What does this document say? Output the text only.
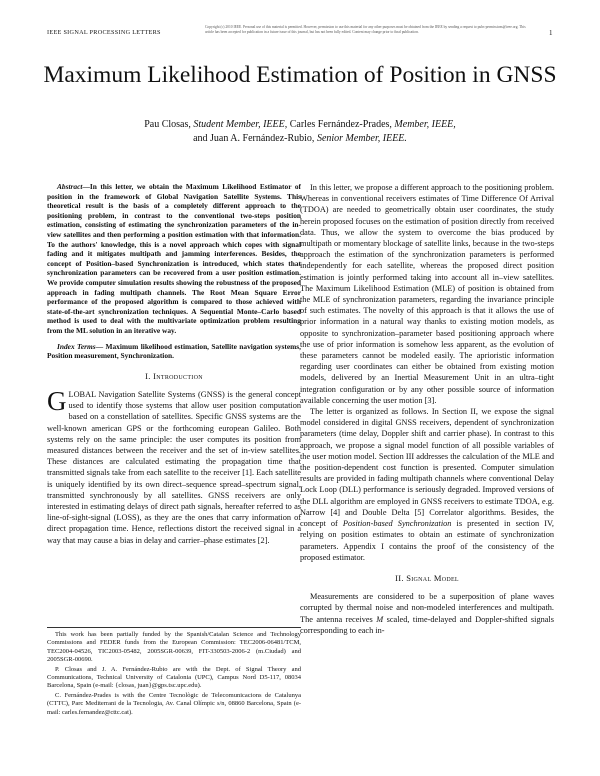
IEEE SIGNAL PROCESSING LETTERS
Copyright (c) 2010 IEEE. Personal use of this material is permitted. However, permission to use this material for any other purposes must be obtained from the IEEE by sending a request to pubs-permissions@ieee.org. This article has been accepted for publication in a future issue of this journal, but has not been fully edited. Content may change prior to final publication.	1
Maximum Likelihood Estimation of Position in GNSS
Pau Closas, Student Member, IEEE, Carles Fernández-Prades, Member, IEEE,
and Juan A. Fernández-Rubio, Senior Member, IEEE.

Abstract—In this letter, we obtain the Maximum Likelihood Estimator of position in the framework of Global Navigation Satellite Systems. This theoretical result is the basis of a completely different approach to the positioning problem, in contrast to the conventional two-steps position estimation, consisting of estimating the synchronization parameters of the in-view satellites and then performing a position estimation with that information. To the authors' knowledge, this is a novel approach which copes with signal fading and it mitigates multipath and jamming interferences. Besides, the concept of Position–based Synchronization is introduced, which states that synchronization parameters can be recovered from a user position estimation. We provide computer simulation results showing the robustness of the proposed approach in fading multipath channels. The Root Mean Square Error performance of the proposed algorithm is compared to those achieved with state-of-the-art synchronization techniques. A Sequential Monte–Carlo based method is used to deal with the multivariate optimization problem resulting from the ML solution in an iterative way.

Index Terms— Maximum likelihood estimation, Satellite navigation systems, Position measurement, Synchronization.

I. Introduction

GLOBAL Navigation Satellite Systems (GNSS) is the general concept used to identify those systems that allow user position computation based on a constellation of satellites. Specific GNSS systems are the well-known american GPS or the forthcoming european Galileo. Both systems rely on the same principle: the user computes its position from measured distances between the receiver and the set of in-view satellites. These distances are calculated estimating the propagation time that transmitted signals take from each satellite to the receiver [1]. Each satellite is uniquely identified by its own direct–sequence spread–spectrum signal, transmitted synchronously by all satellites. GNSS receivers are only interested in estimating delays of direct path signals, hereafter referred to as line-of-sight-signal (LOSS), as they are the ones that carry information of direct propagation time. Hence, reflections distort the received signal in a way that may cause a bias in delay and carrier–phase estimates [2].

This work has been partially funded by the Spanish/Catalan Science and Technology Commissions and FEDER funds from the European Commission: TEC2006-06481/TCM, TEC2004-04526, TIC2003-05482, 2005SGR-00639, FIT-330503-2006-2 (m.Ciudad) and 2005SGR-00690.

P. Closas and J. A. Fernández-Rubio are with the Dept. of Signal Theory and Communications, Technical University of Catalonia (UPC), Campus Nord D5-117, 08034 Barcelona, Spain (e-mail: {closas, juan}@gps.tsc.upc.edu).

C. Fernández-Prades is with the Centre Tecnològic de Telecomunicacions de Catalunya (CTTC), Parc Mediterrani de la Tecnologia, Av. Canal Olímpic s/n, 08860 Barcelona, Spain (e-mail: carles.fernandez@cttc.cat).

In this letter, we propose a different approach to the positioning problem. Whereas in conventional receivers estimates of Time Difference Of Arrival (TDOA) are needed to geometrically obtain user coordinates, the study herein proposed focuses on the estimation of position directly from received data. Thus, we allow the system to overcome the bias produced by multipath or momentary blockage of satellite links, because in the two-steps approach the estimation of the synchronization parameters is performed independently for each satellite, whereas the proposed direct position estimation is jointly performed taking into account all in–view satellites. The Maximum Likelihood Estimation (MLE) of position is obtained from the MLE of synchronization parameters, regarding the invariance principle of such estimates. The novelty of this approach is that it allows the use of prior information in a natural way thanks to existing motion models, as opposite to synchronization–parameter based positioning approach where the use of prior information is somehow less apparent, as the evolution of these parameters cannot be modeled easily. The aprioristic information regarding user coordinates can either be obtained from existing motion models, delivered by an Inertial Measurement Unit in an ultra–tight integration configuration or by any other possible source of information available concerning the user motion [3].

The letter is organized as follows. In Section II, we expose the signal model considered in digital GNSS receivers, dependent of synchronization parameters (time delay, Doppler shift and carrier phase). In contrast to this approach, we propose a signal model function of all possible variables of the user motion model. Section III addresses the calculation of the MLE and the position-dependent cost function is presented. Computer simulation results are provided in fading multipath channels where conventional Delay Lock Loop (DLL) performance is seriously degraded. Improved versions of the DLL algorithm are employed in GNSS receivers to estimate TDOA, e.g. Narrow [4] and Double Delta [5] Correlator algorithms. Besides, the concept of Position-based Synchronization is presented in section IV, relying on position estimates to obtain an estimate of synchronization parameters. Appendix I contains the proof of the consistency of the proposed estimator.

II. Signal Model

Measurements are considered to be a superposition of plane waves corrupted by thermal noise and non-modeled interferences and multipath. The antenna receives M scaled, time-delayed and Doppler-shifted signals corresponding to each in-
